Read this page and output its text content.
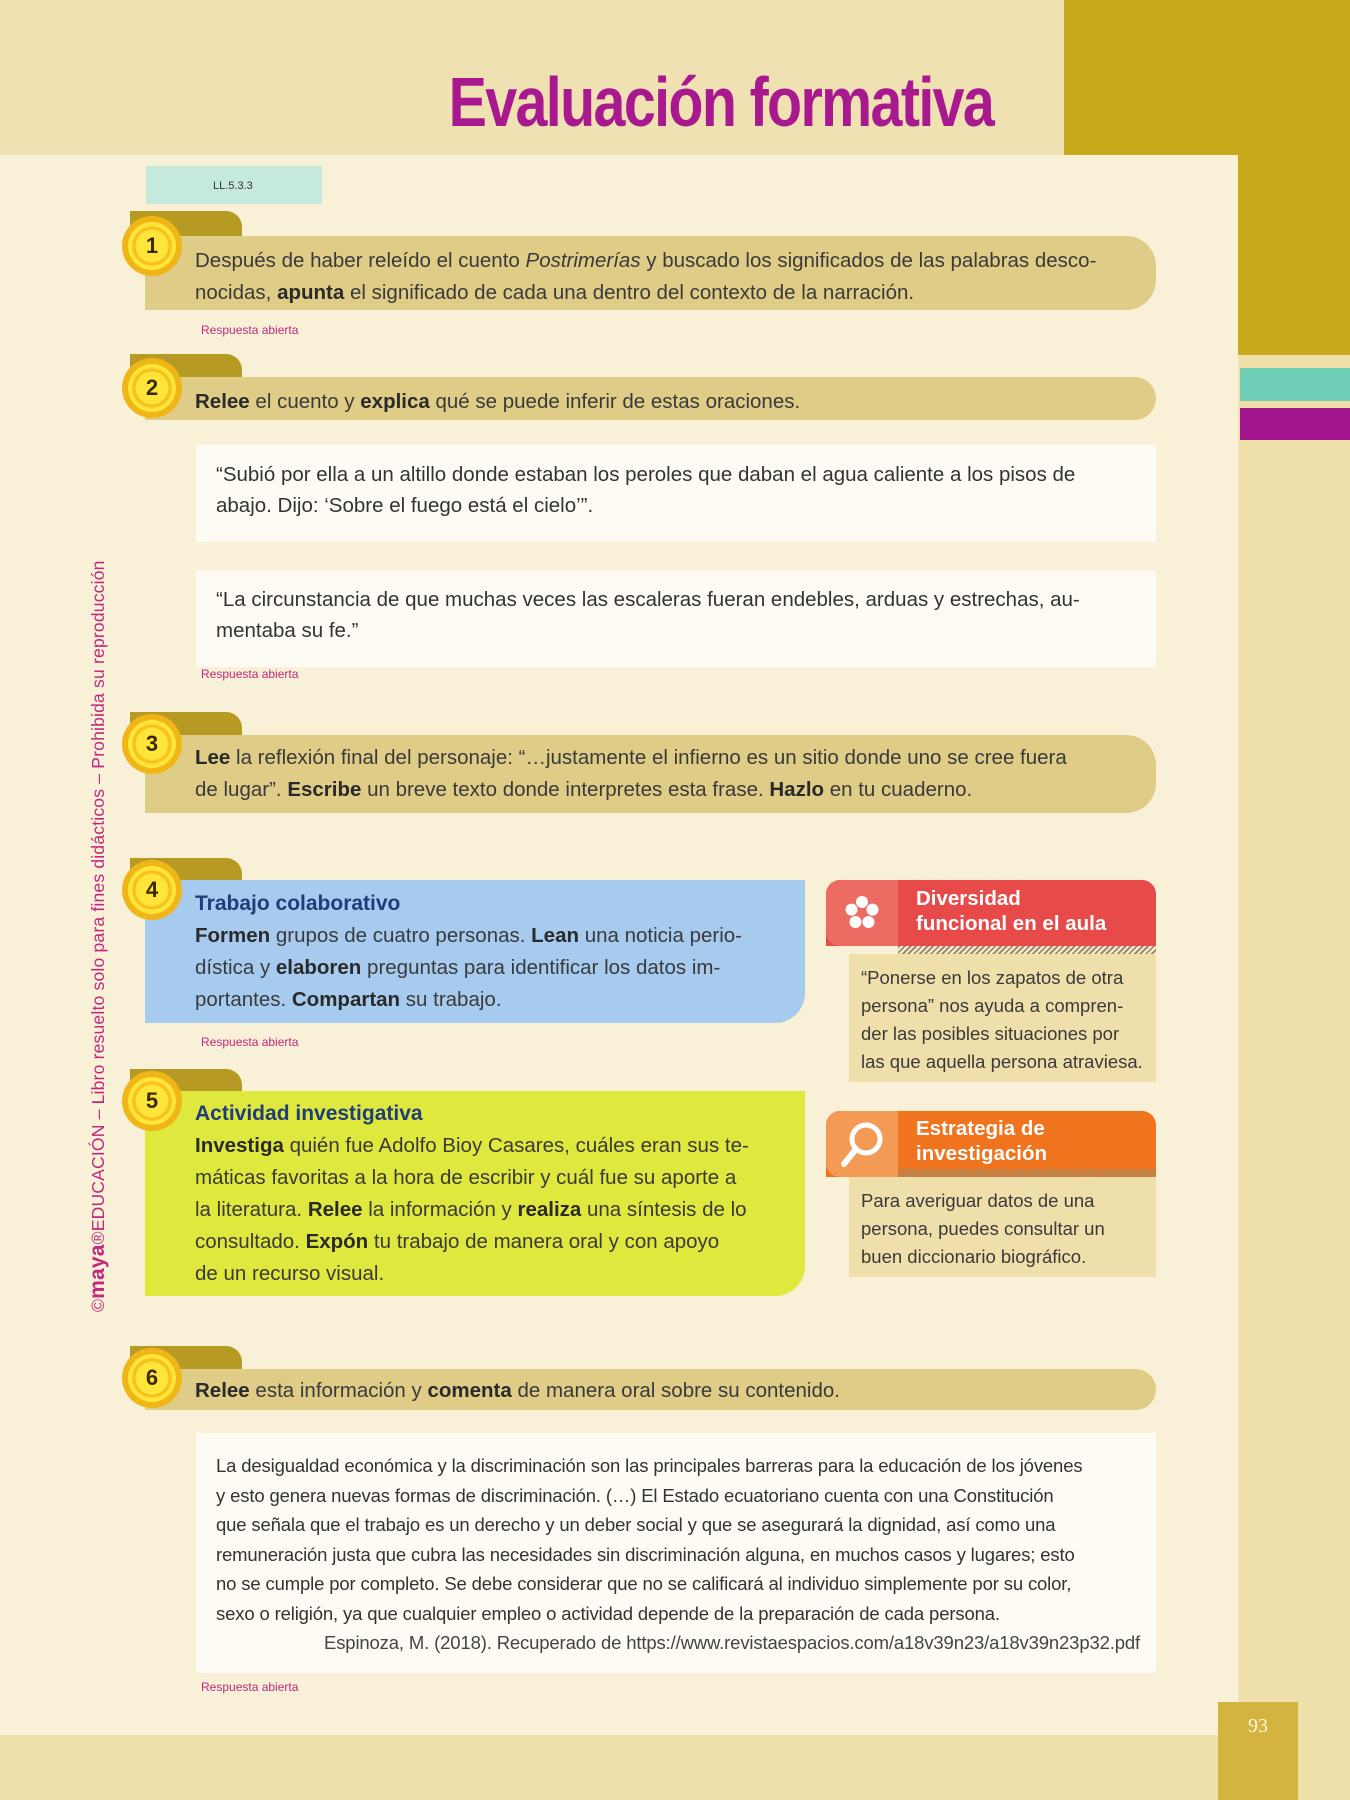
93
Evaluación formativa
LL.5.3.3
©maya®EDUCACIÓN – Libro resuelto solo para fines didácticos – Prohibida su reproducción
1
Después de haber releído el cuento Postrimerías y buscado los significados de las palabras desco-
nocidas, apunta el significado de cada una dentro del contexto de la narración.
Respuesta abierta
2
Relee el cuento y explica qué se puede inferir de estas oraciones.
“Subió por ella a un altillo donde estaban los peroles que daban el agua caliente a los pisos de
abajo. Dijo: ‘Sobre el fuego está el cielo’”.
“La circunstancia de que muchas veces las escaleras fueran endebles, arduas y estrechas, au-
mentaba su fe.”
Respuesta abierta
3
Lee la reflexión final del personaje: “…justamente el infierno es un sitio donde uno se cree fuera
de lugar”. Escribe un breve texto donde interpretes esta frase. Hazlo en tu cuaderno.
4
Trabajo colaborativo
Formen grupos de cuatro personas. Lean una noticia perio-
dística y elaboren preguntas para identificar los datos im-
portantes. Compartan su trabajo.
Respuesta abierta
5
Actividad investigativa
Investiga quién fue Adolfo Bioy Casares, cuáles eran sus te-
máticas favoritas a la hora de escribir y cuál fue su aporte a
la literatura. Relee la información y realiza una síntesis de lo
consultado. Expón tu trabajo de manera oral y con apoyo
de un recurso visual.
Diversidad
funcional en el aula
“Ponerse en los zapatos de otra
persona” nos ayuda a compren-
der las posibles situaciones por
las que aquella persona atraviesa.
Estrategia de
investigación
Para averiguar datos de una
persona, puedes consultar un
buen diccionario biográfico.
6
Relee esta información y comenta de manera oral sobre su contenido.
La desigualdad económica y la discriminación son las principales barreras para la educación de los jóvenes
y esto genera nuevas formas de discriminación. (…) El Estado ecuatoriano cuenta con una Constitución
que señala que el trabajo es un derecho y un deber social y que se asegurará la dignidad, así como una
remuneración justa que cubra las necesidades sin discriminación alguna, en muchos casos y lugares; esto
no se cumple por completo. Se debe considerar que no se calificará al individuo simplemente por su color,
sexo o religión, ya que cualquier empleo o actividad depende de la preparación de cada persona.
Espinoza, M. (2018). Recuperado de https://www.revistaespacios.com/a18v39n23/a18v39n23p32.pdf
Respuesta abierta
